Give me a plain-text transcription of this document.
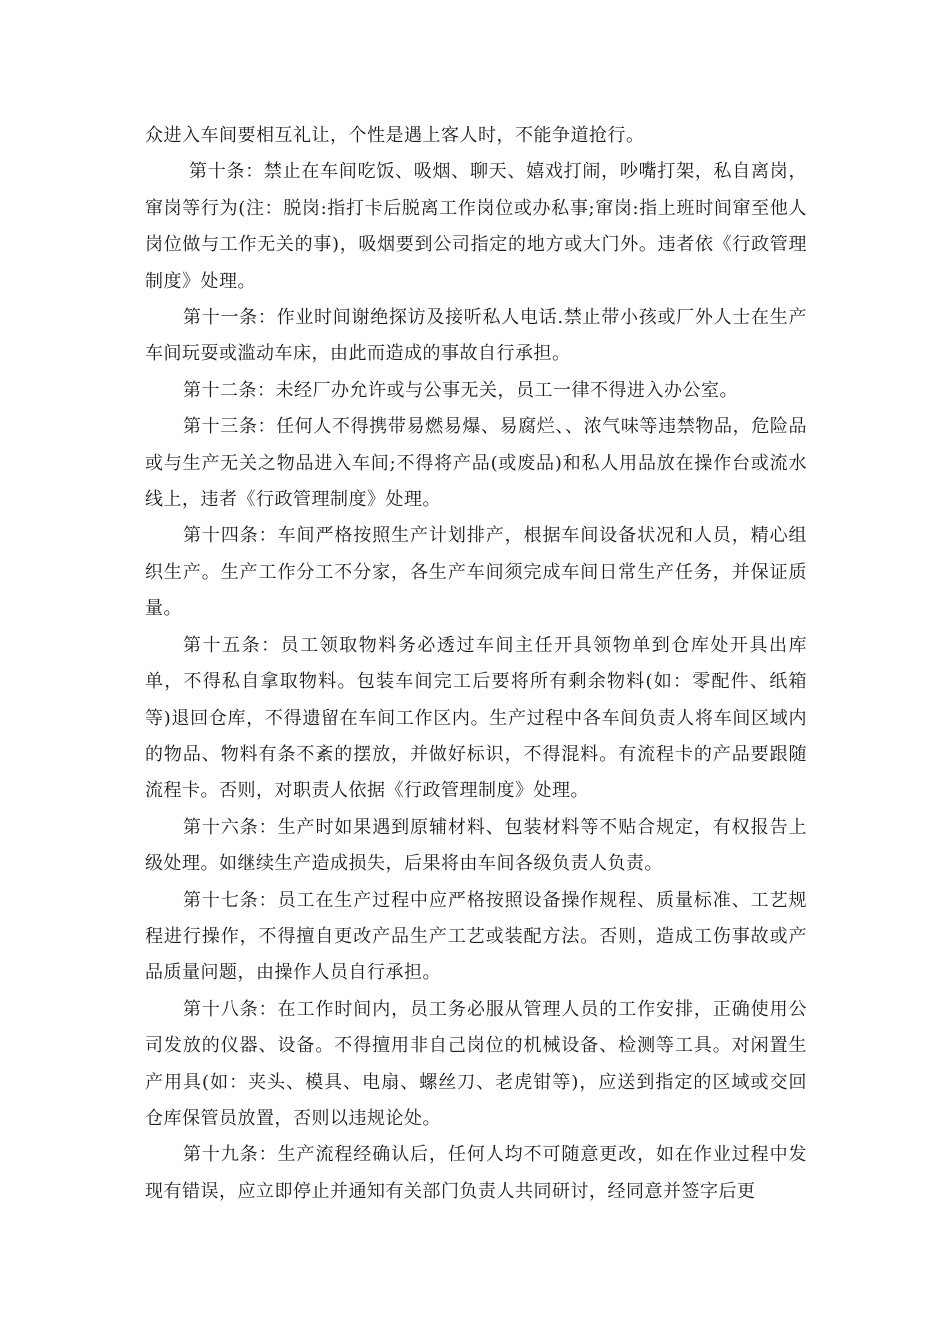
众进入车间要相互礼让，个性是遇上客人时，不能争道抢行。

第十条：禁止在车间吃饭、吸烟、聊天、嬉戏打闹，吵嘴打架，私自离岗，窜岗等行为(注：脱岗:指打卡后脱离工作岗位或办私事;窜岗:指上班时间窜至他人岗位做与工作无关的事)，吸烟要到公司指定的地方或大门外。违者依《行政管理制度》处理。

第十一条：作业时间谢绝探访及接听私人电话.禁止带小孩或厂外人士在生产车间玩耍或滥动车床，由此而造成的事故自行承担。

第十二条：未经厂办允许或与公事无关，员工一律不得进入办公室。

第十三条：任何人不得携带易燃易爆、易腐烂、、浓气味等违禁物品，危险品或与生产无关之物品进入车间;不得将产品(或废品)和私人用品放在操作台或流水线上，违者《行政管理制度》处理。

第十四条：车间严格按照生产计划排产，根据车间设备状况和人员，精心组织生产。生产工作分工不分家，各生产车间须完成车间日常生产任务，并保证质量。

第十五条：员工领取物料务必透过车间主任开具领物单到仓库处开具出库单，不得私自拿取物料。包装车间完工后要将所有剩余物料(如：零配件、纸箱等)退回仓库，不得遗留在车间工作区内。生产过程中各车间负责人将车间区域内的物品、物料有条不紊的摆放，并做好标识，不得混料。有流程卡的产品要跟随流程卡。否则，对职责人依据《行政管理制度》处理。

第十六条：生产时如果遇到原辅材料、包装材料等不贴合规定，有权报告上级处理。如继续生产造成损失，后果将由车间各级负责人负责。

第十七条：员工在生产过程中应严格按照设备操作规程、质量标准、工艺规程进行操作，不得擅自更改产品生产工艺或装配方法。否则，造成工伤事故或产品质量问题，由操作人员自行承担。

第十八条：在工作时间内，员工务必服从管理人员的工作安排，正确使用公司发放的仪器、设备。不得擅用非自己岗位的机械设备、检测等工具。对闲置生产用具(如：夹头、模具、电扇、螺丝刀、老虎钳等)，应送到指定的区域或交回仓库保管员放置，否则以违规论处。

第十九条：生产流程经确认后，任何人均不可随意更改，如在作业过程中发现有错误，应立即停止并通知有关部门负责人共同研讨，经同意并签字后更
